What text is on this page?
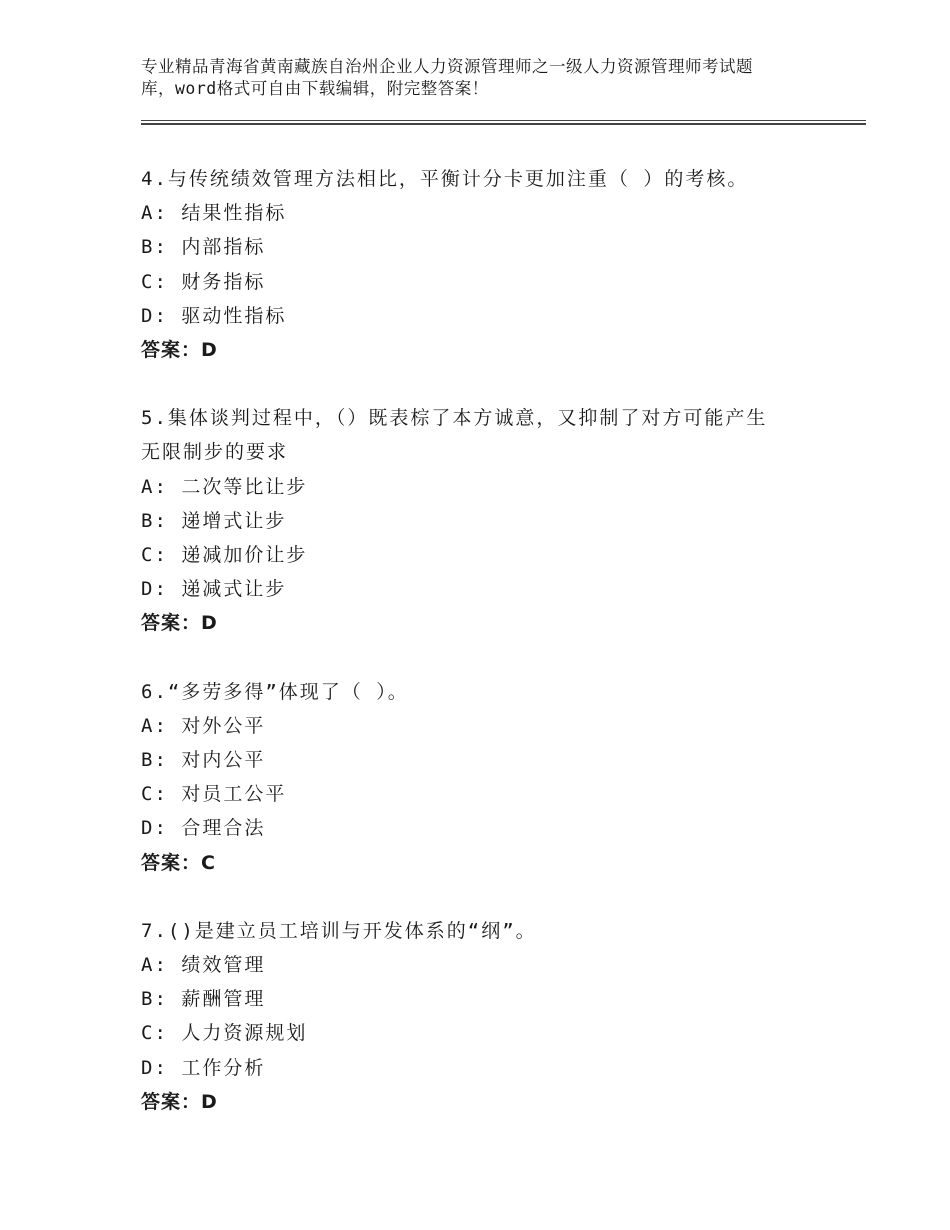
专业精品青海省黄南藏族自治州企业人力资源管理师之一级人力资源管理师考试题
库，word格式可自由下载编辑，附完整答案！
4.与传统绩效管理方法相比，平衡计分卡更加注重（ ）的考核。
A: 结果性指标
B: 内部指标
C: 财务指标
D: 驱动性指标
答案：D
5.集体谈判过程中，（）既表棕了本方诚意，又抑制了对方可能产生
无限制步的要求
A: 二次等比让步
B: 递增式让步
C: 递减加价让步
D: 递减式让步
答案：D
6.“多劳多得”体现了（ ）。
A: 对外公平
B: 对内公平
C: 对员工公平
D: 合理合法
答案：C
7.()是建立员工培训与开发体系的“纲”。
A: 绩效管理
B: 薪酬管理
C: 人力资源规划
D: 工作分析
答案：D
